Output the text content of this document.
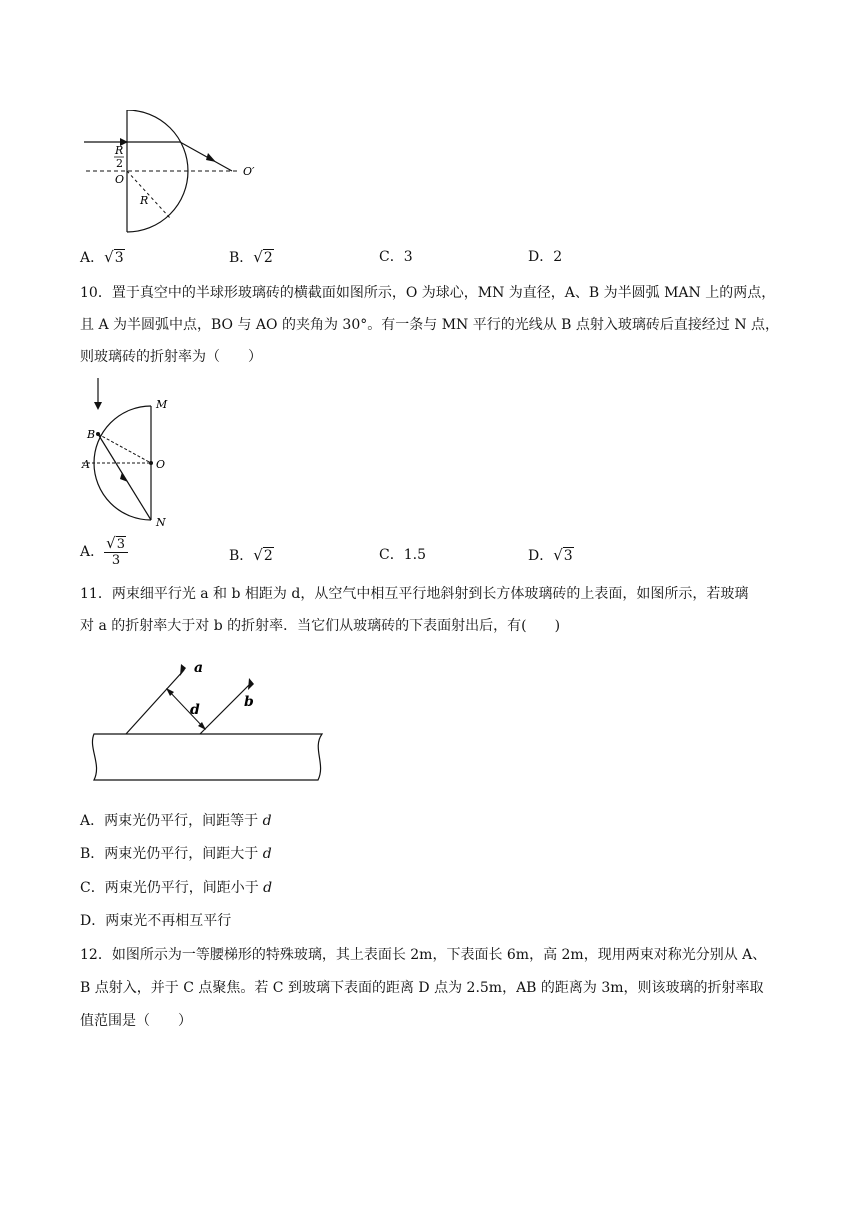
R
2
O
O′
R
A．√3	B．√2	C．3	D．2
10．置于真空中的半球形玻璃砖的横截面如图所示，O 为球心，MN 为直径，A、B 为半圆弧 MAN 上的两点，
且 A 为半圆弧中点，BO 与 AO 的夹角为 30°。有一条与 MN 平行的光线从 B 点射入玻璃砖后直接经过 N 点，
则玻璃砖的折射率为（　　）
M
B
A	O
N
A． $\frac{√3}{3}$	B．√2	C．1.5	D．√3
11．两束细平行光 a 和 b 相距为 d，从空气中相互平行地斜射到长方体玻璃砖的上表面，如图所示，若玻璃
对 a 的折射率大于对 b 的折射率．当它们从玻璃砖的下表面射出后，有(　　)
a
d	b
A．两束光仍平行，间距等于 d
B．两束光仍平行，间距大于 d
C．两束光仍平行，间距小于 d
D．两束光不再相互平行
12．如图所示为一等腰梯形的特殊玻璃，其上表面长 2m，下表面长 6m，高 2m，现用两束对称光分别从 A、
B 点射入，并于 C 点聚焦。若 C 到玻璃下表面的距离 D 点为 2.5m，AB 的距离为 3m，则该玻璃的折射率取
值范围是（　　）
